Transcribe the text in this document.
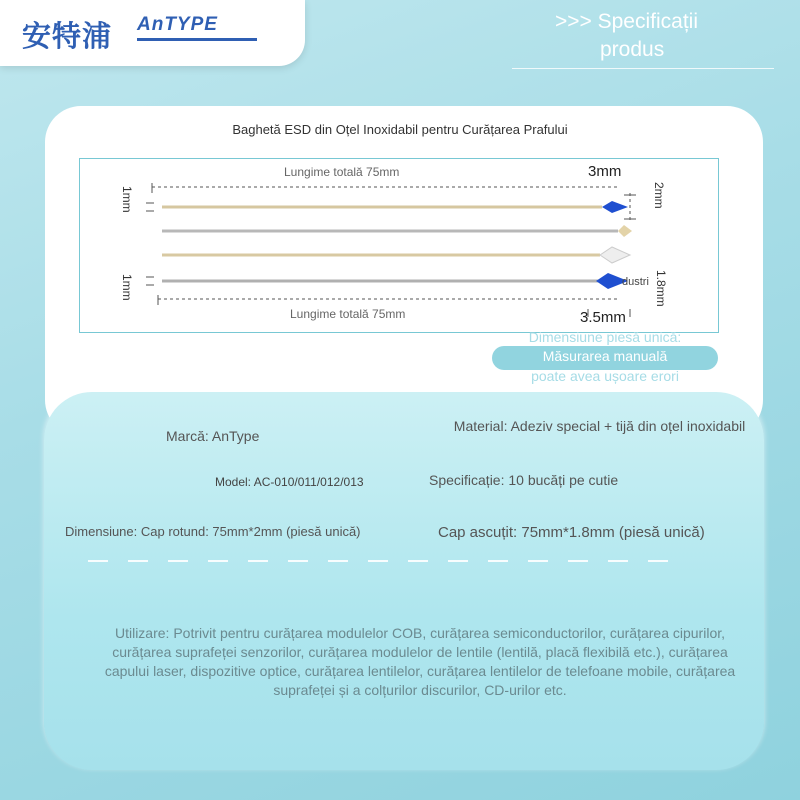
安特浦 AnTYPE	>>> Specificații
produs
Baghetă ESD din Oțel Inoxidabil pentru Curățarea Prafului
Lungime totală 75mm	3mm
1mm	2mm
dustri
1mm	1.8mm
Lungime totală 75mm	3.5mm
Dimensiune piesă unică:
Măsurarea manuală
poate avea ușoare erori
Marcă: AnType
Material: Adeziv special + tijă din oțel inoxidabil
Model: AC-010/011/012/013	Specificație: 10 bucăți pe cutie
Dimensiune: Cap rotund: 75mm*2mm (piesă unică)	Cap ascuțit: 75mm*1.8mm (piesă unică)
Utilizare: Potrivit pentru curățarea modulelor COB, curățarea semiconductorilor, curățarea cipurilor, curățarea suprafeței senzorilor, curățarea modulelor de lentile (lentilă, placă flexibilă etc.), curățarea capului laser, dispozitive optice, curățarea lentilelor, curățarea lentilelor de telefoane mobile, curățarea suprafeței și a colțurilor discurilor, CD-urilor etc.
